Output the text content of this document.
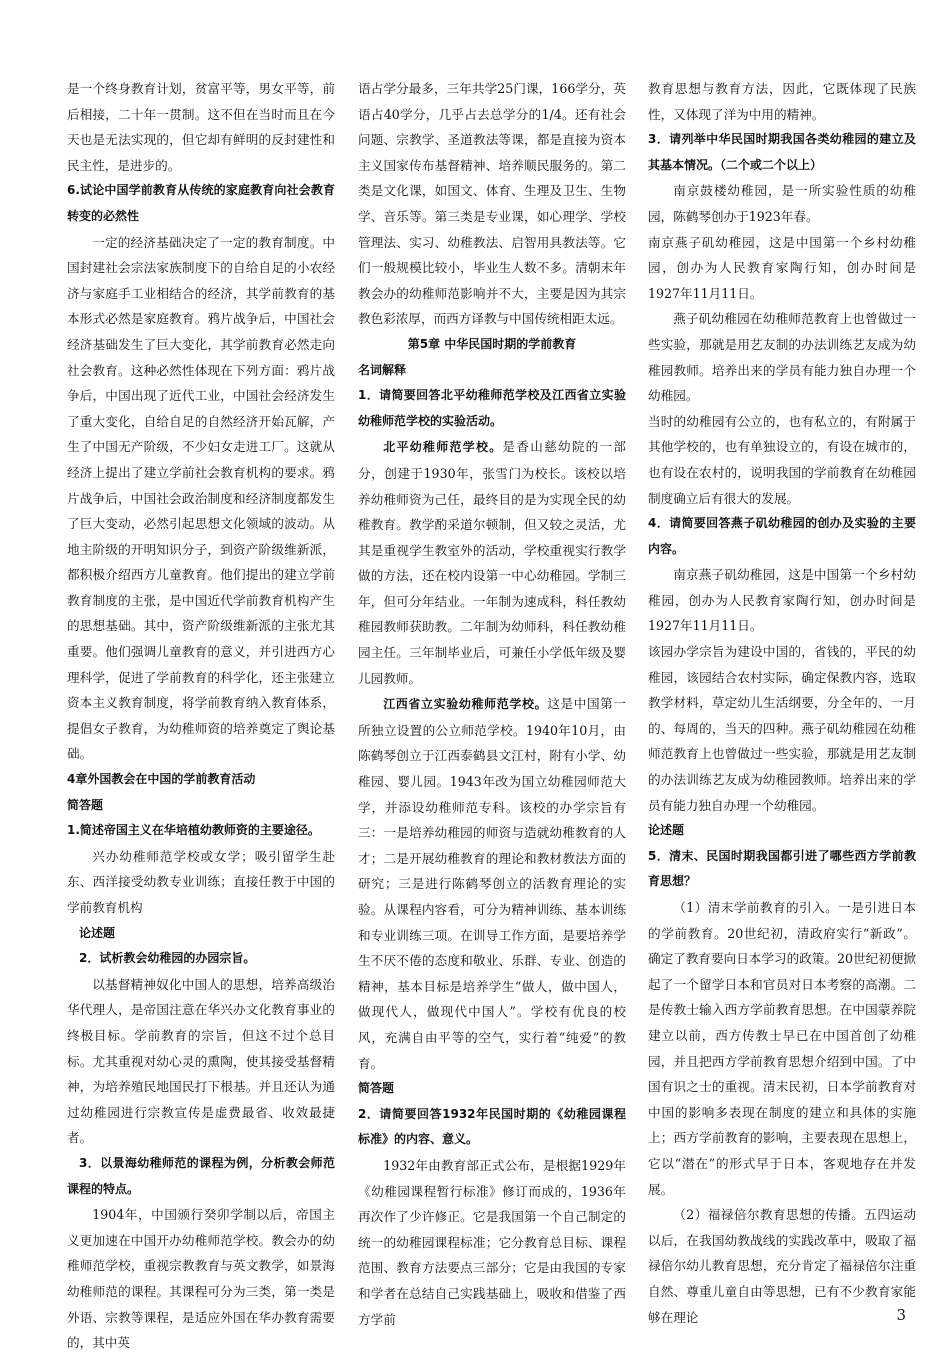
是一个终身教育计划，贫富平等，男女平等，前后相接，二十年一贯制。这不但在当时而且在今天也是无法实现的，但它却有鲜明的反封建性和民主性，是进步的。

6.试论中国学前教育从传统的家庭教育向社会教育转变的必然性

一定的经济基础决定了一定的教育制度。中国封建社会宗法家族制度下的自给自足的小农经济与家庭手工业相结合的经济，其学前教育的基本形式必然是家庭教育。鸦片战争后，中国社会经济基础发生了巨大变化，其学前教育必然走向社会教育。这种必然性体现在下列方面：鸦片战争后，中国出现了近代工业，中国社会经济发生了重大变化，自给自足的自然经济开始瓦解，产生了中国无产阶级，不少妇女走进工厂。这就从经济上提出了建立学前社会教育机构的要求。鸦片战争后，中国社会政治制度和经济制度都发生了巨大变动，必然引起思想文化领域的波动。从地主阶级的开明知识分子，到资产阶级维新派，都积极介绍西方儿童教育。他们提出的建立学前教育制度的主张，是中国近代学前教育机构产生的思想基础。其中，资产阶级维新派的主张尤其重要。他们强调儿童教育的意义，并引进西方心理科学，促进了学前教育的科学化，还主张建立资本主义教育制度，将学前教育纳入教育体系，提倡女子教育，为幼稚师资的培养奠定了舆论基础。

4章外国教会在中国的学前教育活动

简答题

1.简述帝国主义在华培植幼教师资的主要途径。

兴办幼稚师范学校或女学；吸引留学生赴东、西洋接受幼教专业训练；直接任教于中国的学前教育机构

论述题

2．试析教会幼稚园的办园宗旨。

以基督精神奴化中国人的思想，培养高级治华代理人，是帝国注意在华兴办文化教育事业的终极目标。学前教育的宗旨，但这不过个总目标。尤其重视对幼心灵的熏陶，使其接受基督精神，为培养殖民地国民打下根基。并且还认为通过幼稚园进行宗教宣传是虚费最省、收效最捷者。

3．以景海幼稚师范的课程为例，分析教会师范课程的特点。

1904年，中国颁行癸卯学制以后，帝国主义更加速在中国开办幼稚师范学校。教会办的幼稚师范学校，重视宗教教育与英文教学，如景海幼稚师范的课程。其课程可分为三类，第一类是外语、宗教等课程，是适应外国在华办教育需要的，其中英

语占学分最多，三年共学25门课，166学分，英语占40学分，几乎占去总学分的1/4。还有社会问题、宗教学、圣道教法等课，都是直接为资本主义国家传布基督精神、培养顺民服务的。第二类是文化课，如国文、体育、生理及卫生、生物学、音乐等。第三类是专业课，如心理学、学校管理法、实习、幼稚教法、启智用具教法等。它们一般规模比较小，毕业生人数不多。清朝末年教会办的幼稚师范影响并不大，主要是因为其宗教色彩浓厚，而西方译教与中国传统相距太远。

第5章 中华民国时期的学前教育

名词解释

1．请简要回答北平幼稚师范学校及江西省立实验幼稚师范学校的实验活动。

北平幼稚师范学校。是香山慈幼院的一部分，创建于1930年，张雪门为校长。该校以培养幼稚师资为己任，最终目的是为实现全民的幼稚教育。教学酌采道尔顿制，但又较之灵活，尤其是重视学生教室外的活动，学校重视实行教学做的方法，还在校内设第一中心幼稚园。学制三年，但可分年结业。一年制为速成科，科任教幼稚园教师获助教。二年制为幼师科，科任教幼稚园主任。三年制毕业后，可兼任小学低年级及婴儿园教师。

江西省立实验幼稚师范学校。这是中国第一所独立设置的公立师范学校。1940年10月，由陈鹤琴创立于江西泰鹤县文江村，附有小学、幼稚园、婴儿园。1943年改为国立幼稚园师范大学，并添设幼稚师范专科。该校的办学宗旨有三：一是培养幼稚园的师资与造就幼稚教育的人才；二是开展幼稚教育的理论和教材教法方面的研究；三是进行陈鹤琴创立的活教育理论的实验。从课程内容看，可分为精神训练、基本训练和专业训练三项。在训导工作方面，是要培养学生不厌不倦的态度和敬业、乐群、专业、创造的精神，基本目标是培养学生“做人，做中国人，做现代人，做现代中国人”。学校有优良的校风，充满自由平等的空气，实行着“纯爱”的教育。

简答题

2．请简要回答1932年民国时期的《幼稚园课程标准》的内容、意义。

1932年由教育部正式公布，是根据1929年《幼稚园课程暂行标准》修订而成的，1936年再次作了少许修正。它是我国第一个自己制定的统一的幼稚园课程标准；它分教育总目标、课程范围、教育方法要点三部分；它是由我国的专家和学者在总结自己实践基础上，吸收和借鉴了西方学前

教育思想与教育方法，因此，它既体现了民族性，又体现了洋为中用的精神。

3．请列举中华民国时期我国各类幼稚园的建立及其基本情况。（二个或二个以上）

南京鼓楼幼稚园，是一所实验性质的幼稚园，陈鹤琴创办于1923年春。

南京燕子矶幼稚园，这是中国第一个乡村幼稚园，创办为人民教育家陶行知，创办时间是1927年11月11日。

燕子矶幼稚园在幼稚师范教育上也曾做过一些实验，那就是用艺友制的办法训练艺友成为幼稚园教师。培养出来的学员有能力独自办理一个幼稚园。

当时的幼稚园有公立的，也有私立的，有附属于其他学校的，也有单独设立的，有设在城市的，也有设在农村的，说明我国的学前教育在幼稚园制度确立后有很大的发展。

4．请简要回答燕子矶幼稚园的创办及实验的主要内容。

南京燕子矶幼稚园，这是中国第一个乡村幼稚园，创办为人民教育家陶行知，创办时间是1927年11月11日。

该园办学宗旨为建设中国的，省钱的，平民的幼稚园，该园结合农村实际，确定保教内容，选取教学材料，草定幼儿生活纲要，分全年的、一月的、每周的，当天的四种。燕子矶幼稚园在幼稚师范教育上也曾做过一些实验，那就是用艺友制的办法训练艺友成为幼稚园教师。培养出来的学员有能力独自办理一个幼稚园。

论述题

5．清末、民国时期我国都引进了哪些西方学前教育思想？

（1）清末学前教育的引入。一是引进日本的学前教育。20世纪初，清政府实行“新政”。确定了教育要向日本学习的政策。20世纪初便掀起了一个留学日本和官员对日本考察的高潮。二是传教士输入西方学前教育思想。在中国蒙养院建立以前，西方传教士早已在中国首创了幼稚园，并且把西方学前教育思想介绍到中国。了中国有识之士的重视。清末民初，日本学前教育对中国的影响多表现在制度的建立和具体的实施上；西方学前教育的影响，主要表现在思想上，它以“潜在”的形式早于日本，客观地存在并发展。

（2）福禄倍尔教育思想的传播。五四运动以后，在我国幼教战线的实践改革中，吸取了福禄倍尔幼儿教育思想，充分肯定了福禄倍尔注重自然、尊重儿童自由等思想，已有不少教育家能够在理论	3
